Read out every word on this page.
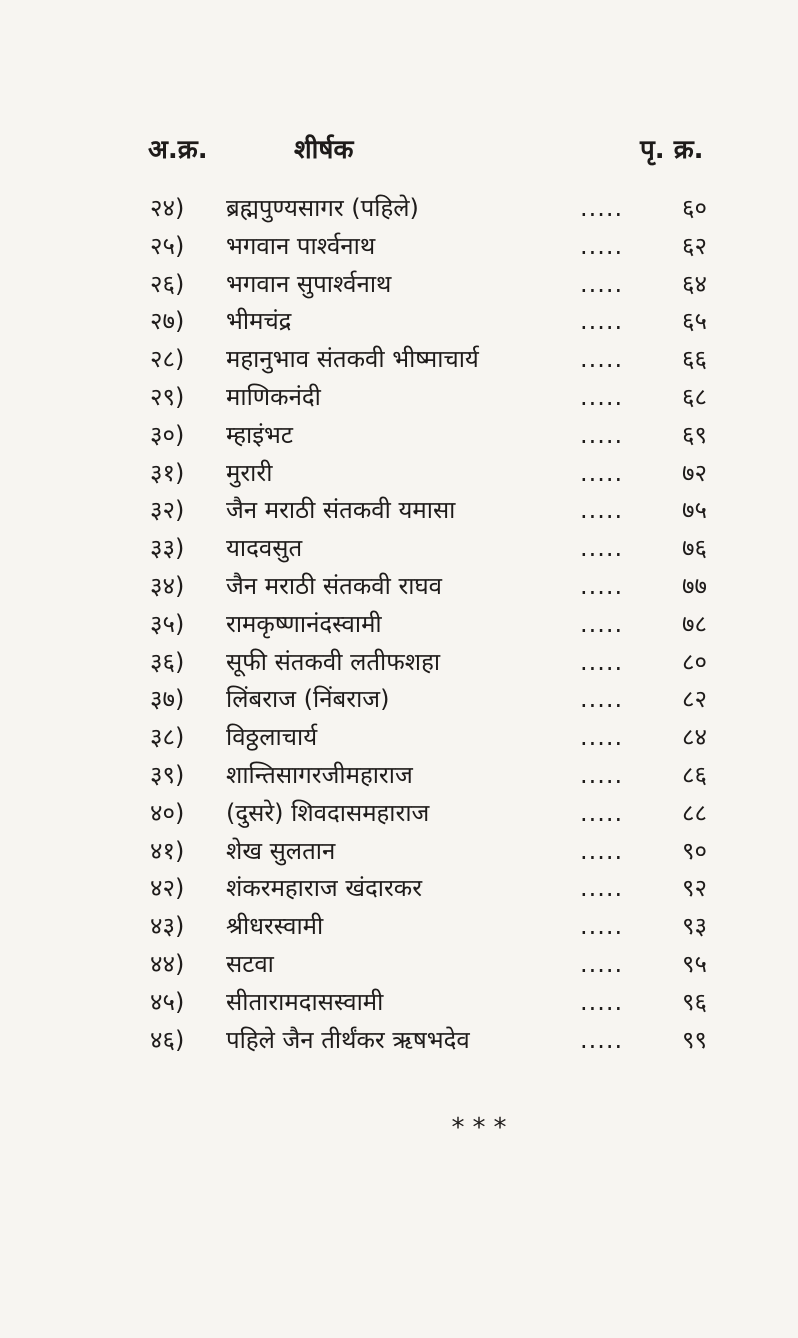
अ.क्र.	शीर्षक	पृ. क्र.
२४) ब्रह्मपुण्यसागर (पहिले)	..... ६०
२५) भगवान पार्श्वनाथ	..... ६२
२६) भगवान सुपार्श्वनाथ	..... ६४
२७) भीमचंद्र	..... ६५
२८) महानुभाव संतकवी भीष्माचार्य	..... ६६
२९) माणिकनंदी	..... ६८
३०) म्हाइंभट	..... ६९
३१) मुरारी	..... ७२
३२) जैन मराठी संतकवी यमासा	..... ७५
३३) यादवसुत	..... ७६
३४) जैन मराठी संतकवी राघव	..... ७७
३५) रामकृष्णानंदस्वामी	..... ७८
३६) सूफी संतकवी लतीफशहा	..... ८०
३७) लिंबराज (निंबराज)	..... ८२
३८) विठ्ठलाचार्य	..... ८४
३९) शान्तिसागरजीमहाराज	..... ८६
४०) (दुसरे) शिवदासमहाराज	..... ८८
४१) शेख सुलतान	..... ९०
४२) शंकरमहाराज खंदारकर	..... ९२
४३) श्रीधरस्वामी	..... ९३
४४) सटवा	..... ९५
४५) सीतारामदासस्वामी	..... ९६
४६) पहिले जैन तीर्थंकर ऋषभदेव	..... ९९
***
